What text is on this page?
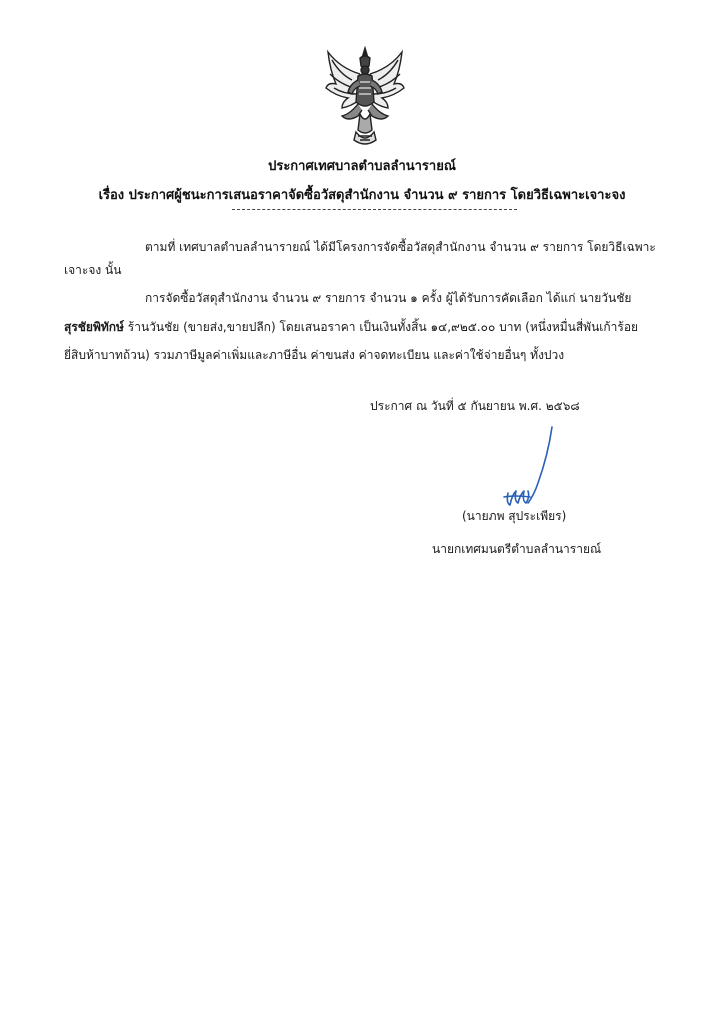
ประกาศเทศบาลตำบลลำนารายณ์
เรื่อง ประกาศผู้ชนะการเสนอราคาจัดซื้อวัสดุสำนักงาน จำนวน ๙ รายการ โดยวิธีเฉพาะเจาะจง
ตามที่ เทศบาลตำบลลำนารายณ์ ได้มีโครงการจัดซื้อวัสดุสำนักงาน จำนวน ๙ รายการ โดยวิธีเฉพาะ
เจาะจง นั้น
การจัดซื้อวัสดุสำนักงาน จำนวน ๙ รายการ จำนวน ๑ ครั้ง ผู้ได้รับการคัดเลือก ได้แก่ นายวันชัย
สุรชัยพิทักษ์ ร้านวันชัย (ขายส่ง,ขายปลีก) โดยเสนอราคา เป็นเงินทั้งสิ้น ๑๔,๙๒๕.๐๐ บาท (หนึ่งหมื่นสี่พันเก้าร้อย
ยี่สิบห้าบาทถ้วน) รวมภาษีมูลค่าเพิ่มและภาษีอื่น ค่าขนส่ง ค่าจดทะเบียน และค่าใช้จ่ายอื่นๆ ทั้งปวง
ประกาศ ณ วันที่ ๕ กันยายน พ.ศ. ๒๕๖๘
(นายภพ สุประเพียร)
นายกเทศมนตรีตำบลลำนารายณ์
